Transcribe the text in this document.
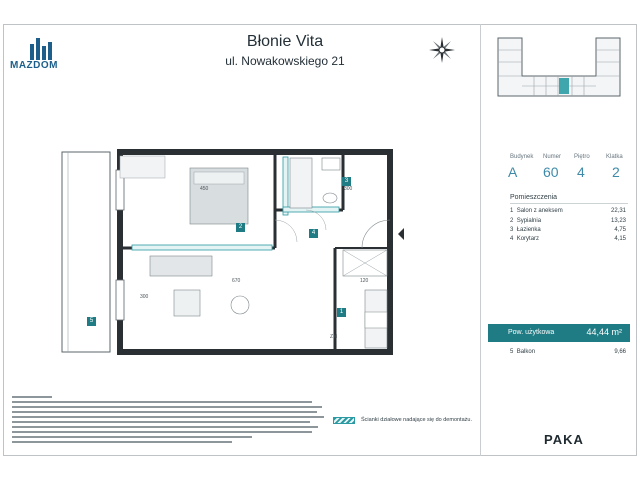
MAZDOM
Błonie Vita
ul. Nowakowskiego 21
2
3
4
1
5
450	300
670	120
300
ZM
Budynek Numer Piętro	Klatka
A 60 4 2
Pomieszczenia
1 Salon z aneksem	22,31
2 Sypialnia	13,23
3 Łazienka	4,75
4 Korytarz	4,15
Pow. użytkowa	44,44 m²
5 Balkon	9,66
Ścianki działowe nadające się do demontażu.
PAKA
